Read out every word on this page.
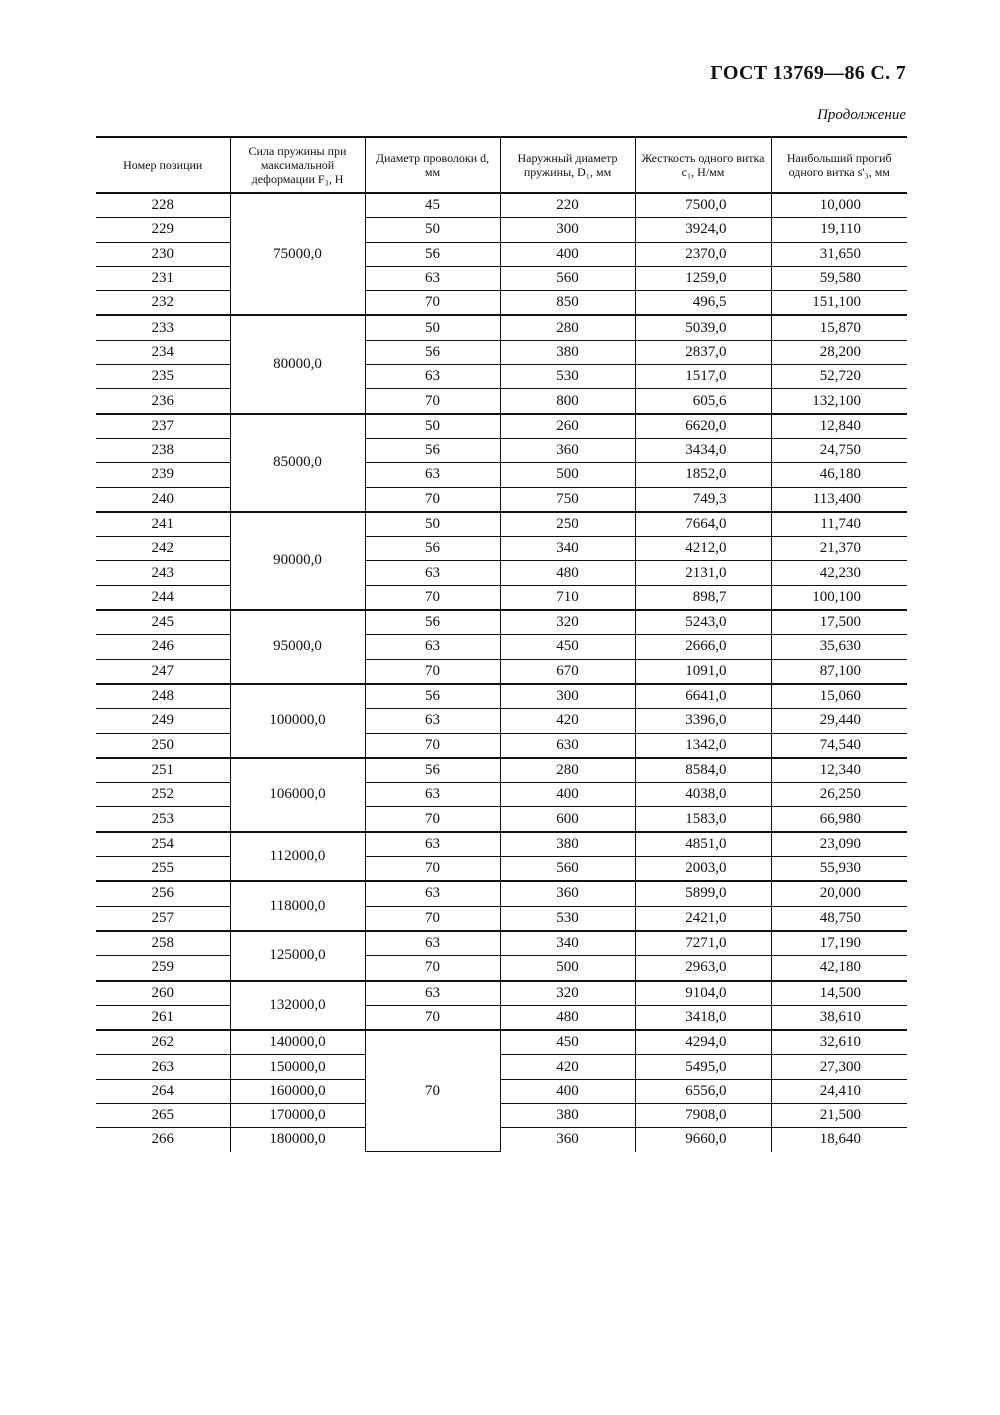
ГОСТ 13769—86 С. 7
Продолжение
Номер позиции	Сила пружины при максимальной деформации F₃, Н	Диаметр проволоки d, мм	Наружный диаметр пружины, D₁, мм	Жесткость одного витка c₁, Н/мм	Наибольший прогиб одного витка s'₃, мм
228	75000,0	45	220	7500,0	10,000
229		50	300	3924,0	19,110
230		56	400	2370,0	31,650
231		63	560	1259,0	59,580
232		70	850	496,5	151,100
233	80000,0	50	280	5039,0	15,870
234		56	380	2837,0	28,200
235		63	530	1517,0	52,720
236		70	800	605,6	132,100
237	85000,0	50	260	6620,0	12,840
238		56	360	3434,0	24,750
239		63	500	1852,0	46,180
240		70	750	749,3	113,400
241	90000,0	50	250	7664,0	11,740
242		56	340	4212,0	21,370
243		63	480	2131,0	42,230
244		70	710	898,7	100,100
245	95000,0	56	320	5243,0	17,500
246		63	450	2666,0	35,630
247		70	670	1091,0	87,100
248	100000,0	56	300	6641,0	15,060
249		63	420	3396,0	29,440
250		70	630	1342,0	74,540
251	106000,0	56	280	8584,0	12,340
252		63	400	4038,0	26,250
253		70	600	1583,0	66,980
254	112000,0	63	380	4851,0	23,090
255		70	560	2003,0	55,930
256	118000,0	63	360	5899,0	20,000
257		70	530	2421,0	48,750
258	125000,0	63	340	7271,0	17,190
259		70	500	2963,0	42,180
260	132000,0	63	320	9104,0	14,500
261		70	480	3418,0	38,610
262	140000,0	70	450	4294,0	32,610
263	150000,0		420	5495,0	27,300
264	160000,0		400	6556,0	24,410
265	170000,0		380	7908,0	21,500
266	180000,0		360	9660,0	18,640
